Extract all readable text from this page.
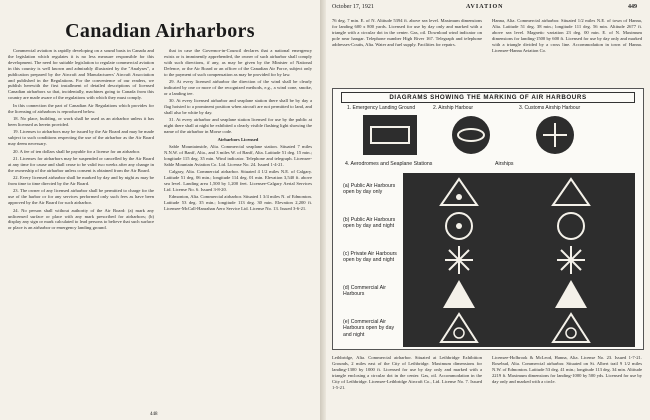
Canadian Airharbors

Commercial aviation is rapidly developing on a sound basis in Canada and the legislation which regulates it is no less measure responsible for this development. The need for suitable legislation to regulate commercial aviation in this country is well known and admirably illustrated by the "Analyses", a publication prepared by the Aircraft and Manufacturers' Aircraft Association and published in the Regulations. For the convenience of our readers, we publish herewith the first installment of detailed descriptions of licensed Canadian airharbors so that, incidentally, machines going to Canada from this country are made aware of the regulations with which they must comply.

In this connection the part of Canadian Air Regulations which provides for the licensing of airharbors is reproduced below.

18. No place, building, or work shall be used as an airharbor unless it has been licensed as herein provided.

19. Licenses to airharbors may be issued by the Air Board and may be made subject to such conditions respecting the use of the airharbor as the Air Board may deem necessary.

20. A fee of ten dollars shall be payable for a license for an airharbor.

21. Licenses for airharbors may be suspended or cancelled by the Air Board at any time for cause and shall cease to be valid two weeks after any change in the ownership of the airharbor unless consent is obtained from the Air Board.

22. Every licensed airharbor shall be marked by day and by night as may be from time to time directed by the Air Board.

23. The owner of any licensed airharbor shall be permitted to charge for the use of the harbor or for any services performed only such fees as have been approved by the Air Board for such airharbor.

24. No person shall without authority of the Air Board: (a) mark any unlicensed surface or place with any mark prescribed for airharbors; (b) display any sign or mark calculated to lead persons to believe that such surface or place is an airharbor or emergency landing ground.

that in case the Governor-in-Council declares that a national emergency exists or is imminently apprehended, the owner of such airharbor shall comply with such directions, if any, as may be given by the Minister of National Defence, or the Air Board or an officer of the Canadian Air Force, subject only to the payment of such compensation as may be provided for by law.

29. At every licensed airharbor the direction of the wind shall be clearly indicated by one or more of the recognized methods, e.g., a wind cone, smoke, or a landing tee.

30. At every licensed airharbor and seaplane station there shall be by day a flag hoisted to a prominent position when aircraft are not permitted to land, and shall also be white by day.

31. At every airharbor and seaplane station licensed for use by the public at night there shall at night be exhibited a clearly visible flashing light showing the name of the airharbor in Morse code.

Airharbors Licensed

Sable Mountainside, Alta. Commercial seaplane station. Situated 7 miles N.N.W. of Banff, Alta., and 3 miles W. of Banff, Alta. Latitude 51 deg. 15 min.; longitude 115 deg. 35 min. Wind indicator. Telephone and telegraph. Licensee-Sable Mountain Aviation Co. Ltd. License No. 24. Issued 1-4-21.

Calgary, Alta. Commercial airharbor. Situated 4 1/2 miles N.E. of Calgary. Latitude 51 deg. 06 min.; longitude 114 deg. 01 min. Elevation 3,540 ft. above sea level. Landing area 1,500 by 1,200 feet. Licensee-Calgary Aerial Services Ltd. License No. 6. Issued 3-8-20.

Edmonton, Alta. Commercial airharbor. Situated 1 3/4 miles N. of Edmonton. Latitude 53 deg. 35 min.; longitude 113 deg. 30 min. Elevation 2,200 ft. Licensee-McCall-Hanrahan Aero Service Ltd. License No. 13. Issued 3-6-21.

448
October 17, 1921	AVIATION	449

76 deg. 7 min. E. of N. Altitude 5394 ft. above sea level. Maximum dimensions for landing 600 x 800 yards. Licensed for use by day only and marked with a triangle with a circular dot in the center. Gas, oil. Download wind indicator on pole near hangar. Telephone number High River 167. Telegraph and telephone addresses-Coutts, Alta. Water and fuel supply. Facilities for repairs.

Hanna, Alta. Commercial airharbor. Situated 1/2 miles N.E. of town of Hanna, Alta. Latitude 51 deg. 38 min.; longitude 111 deg. 56 min. Altitude 2677 ft. above sea level. Magnetic variation 23 deg. 00 min. E. of N. Maximum dimensions for landing-1500 by 600 ft. Licensed for use by day only and marked with a triangle divided by a cross line. Accommodation in town of Hanna. Licensee-Hanna Aviation Co.

DIAGRAMS SHOWING THE MARKING OF AIR HARBOURS
1. Emergency Landing Ground	2. Airship Harbour	3. Customs Airship Harbour
4. Aerodromes and Seaplane Stations	Airships
(a) Public Air Harbours open by day only
(b) Public Air Harbours open by day and night
(c) Private Air Harbours open by day and night
(d) Commercial Air Harbours
(e) Commercial Air Harbours open by day and night

Lethbridge, Alta. Commercial airharbor. Situated at Lethbridge Exhibition Grounds, 2 miles east of the City of Lethbridge. Maximum dimensions for landing-1300 by 1000 ft. Licensed for use by day only and marked with a triangle enclosing a circular dot in the center. Gas, oil. Accommodation in the City of Lethbridge. Licensee-Lethbridge Aircraft Co., Ltd. License No. 7. Issued 1-5-21.

Licensee-Holbrook & McLeod, Hanna, Alta. License No. 23. Issued 1-7-21. Rosebud, Alta. Commercial airharbor. Situated on St. Albert trail 9 1/2 miles N.W. of Edmonton. Latitude 53 deg. 41 min.; longitude 113 deg. 34 min. Altitude 2219 ft. Maximum dimensions for landing-1000 by 500 yds. Licensed for use by day only and marked with a circle.
